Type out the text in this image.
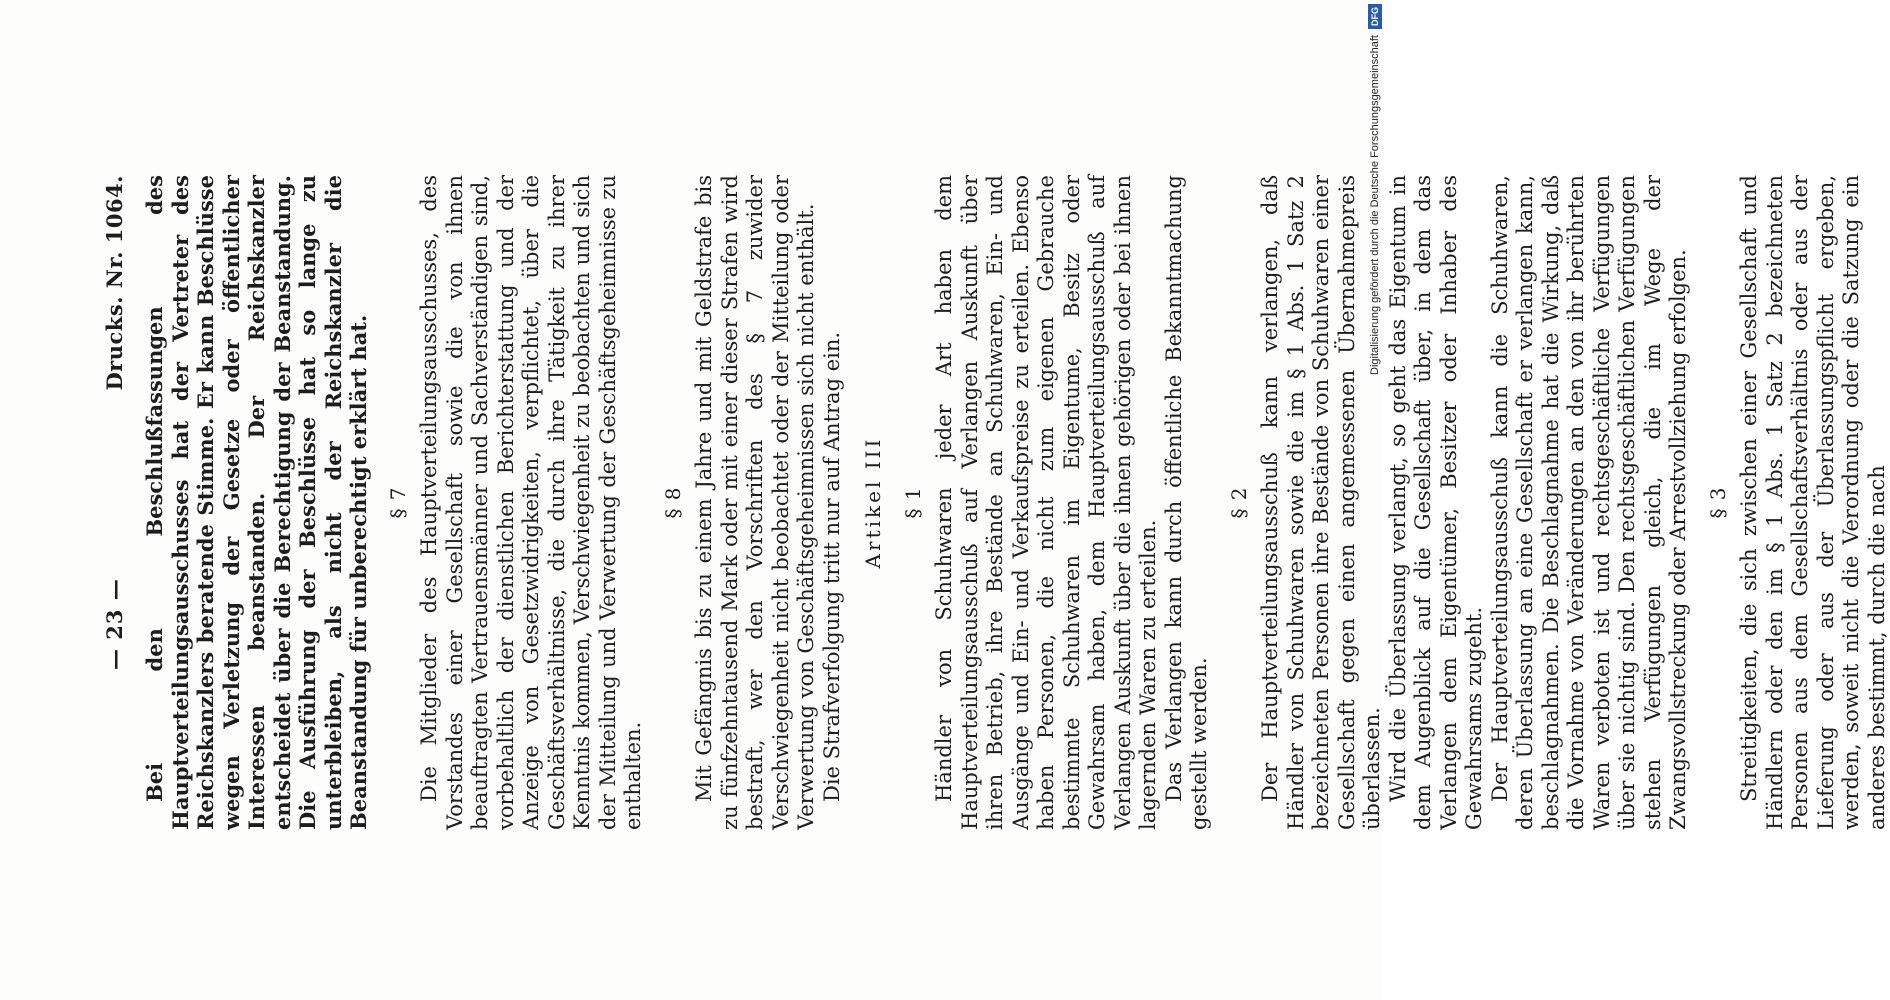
— 23 —
Drucks. Nr. 1064. Bei den Beschlußfassungen des Hauptverteilungsausschusses hat der Vertreter des Reichskanzlers beratende Stimme. Er kann Beschlüsse wegen Verletzung der Gesetze oder öffentlicher Interessen beanstanden. Der Reichskanzler entscheidet über die Berechtigung der Beanstandung. Die Ausführung der Beschlüsse hat so lange zu unterbleiben, als nicht der Reichskanzler die Beanstandung für unberechtigt erklärt hat. § 7 Die Mitglieder des Hauptverteilungsausschusses, des Vorstandes einer Gesellschaft sowie die von ihnen beauftragten Vertrauensmänner und Sachverständigen sind, vorbehaltlich der dienstlichen Berichterstattung und der Anzeige von Gesetzwidrigkeiten, verpflichtet, über die Geschäftsverhältnisse, die durch ihre Tätigkeit zu ihrer Kenntnis kommen, Verschwiegenheit zu beobachten und sich der Mitteilung und Verwertung der Geschäftsgeheimnisse zu enthalten.

§ 8 Mit Gefängnis bis zu einem Jahre und mit Geldstrafe bis zu fünfzehntausend Mark oder mit einer dieser Strafen wird bestraft, wer den Vorschriften des § 7 zuwider Verschwiegenheit nicht beobachtet oder der Mitteilung oder Verwertung von Geschäftsgeheimnissen sich nicht enthält. Die Strafverfolgung tritt nur auf Antrag ein. Artikel III § 1 Händler von Schuhwaren jeder Art haben dem Hauptverteilungsausschuß auf Verlangen Auskunft über ihren Betrieb, ihre Bestände an Schuhwaren, Ein- und Ausgänge und Ein- und Verkaufspreise zu erteilen. Ebenso haben Personen, die nicht zum eigenen Gebrauche bestimmte Schuhwaren im Eigentume, Besitz oder Gewahrsam haben, dem Hauptverteilungsausschuß auf Verlangen Auskunft über die ihnen gehörigen oder bei ihnen lagernden Waren zu erteilen. Das Verlangen kann durch öffentliche Bekanntmachung gestellt werden.

§ 2 Der Hauptverteilungsausschuß kann verlangen, daß Händler von Schuhwaren sowie die im § 1 Abs. 1 Satz 2 bezeichneten Personen ihre Bestände von Schuhwaren einer Gesellschaft gegen einen angemessenen Übernahmepreis überlassen. Wird die Überlassung verlangt, so geht das Eigentum in dem Augenblick auf die Gesellschaft über, in dem das Verlangen dem Eigentümer, Besitzer oder Inhaber des Gewahrsams zugeht. Der Hauptverteilungsausschuß kann die Schuhwaren, deren Überlassung an eine Gesellschaft er verlangen kann, beschlagnahmen. Die Beschlagnahme hat die Wirkung, daß die Vornahme von Veränderungen an den von ihr berührten Waren verboten ist und rechtsgeschäftliche Verfügungen über sie nichtig sind. Den rechtsgeschäftlichen Verfügungen stehen Verfügungen gleich, die im Wege der Zwangsvollstreckung oder Arrestvollziehung erfolgen. § 3 Streitigkeiten, die sich zwischen einer Gesellschaft und Händlern oder den im § 1 Abs. 1 Satz 2 bezeichneten Personen aus dem Gesellschaftsverhältnis oder aus der Lieferung oder aus der Überlassungspflicht ergeben, werden, soweit nicht die Verordnung oder die Satzung ein anderes bestimmt, durch die nach

Digitalisierung gefördert durch die Deutsche ForschungsgemeinschaftDFG
